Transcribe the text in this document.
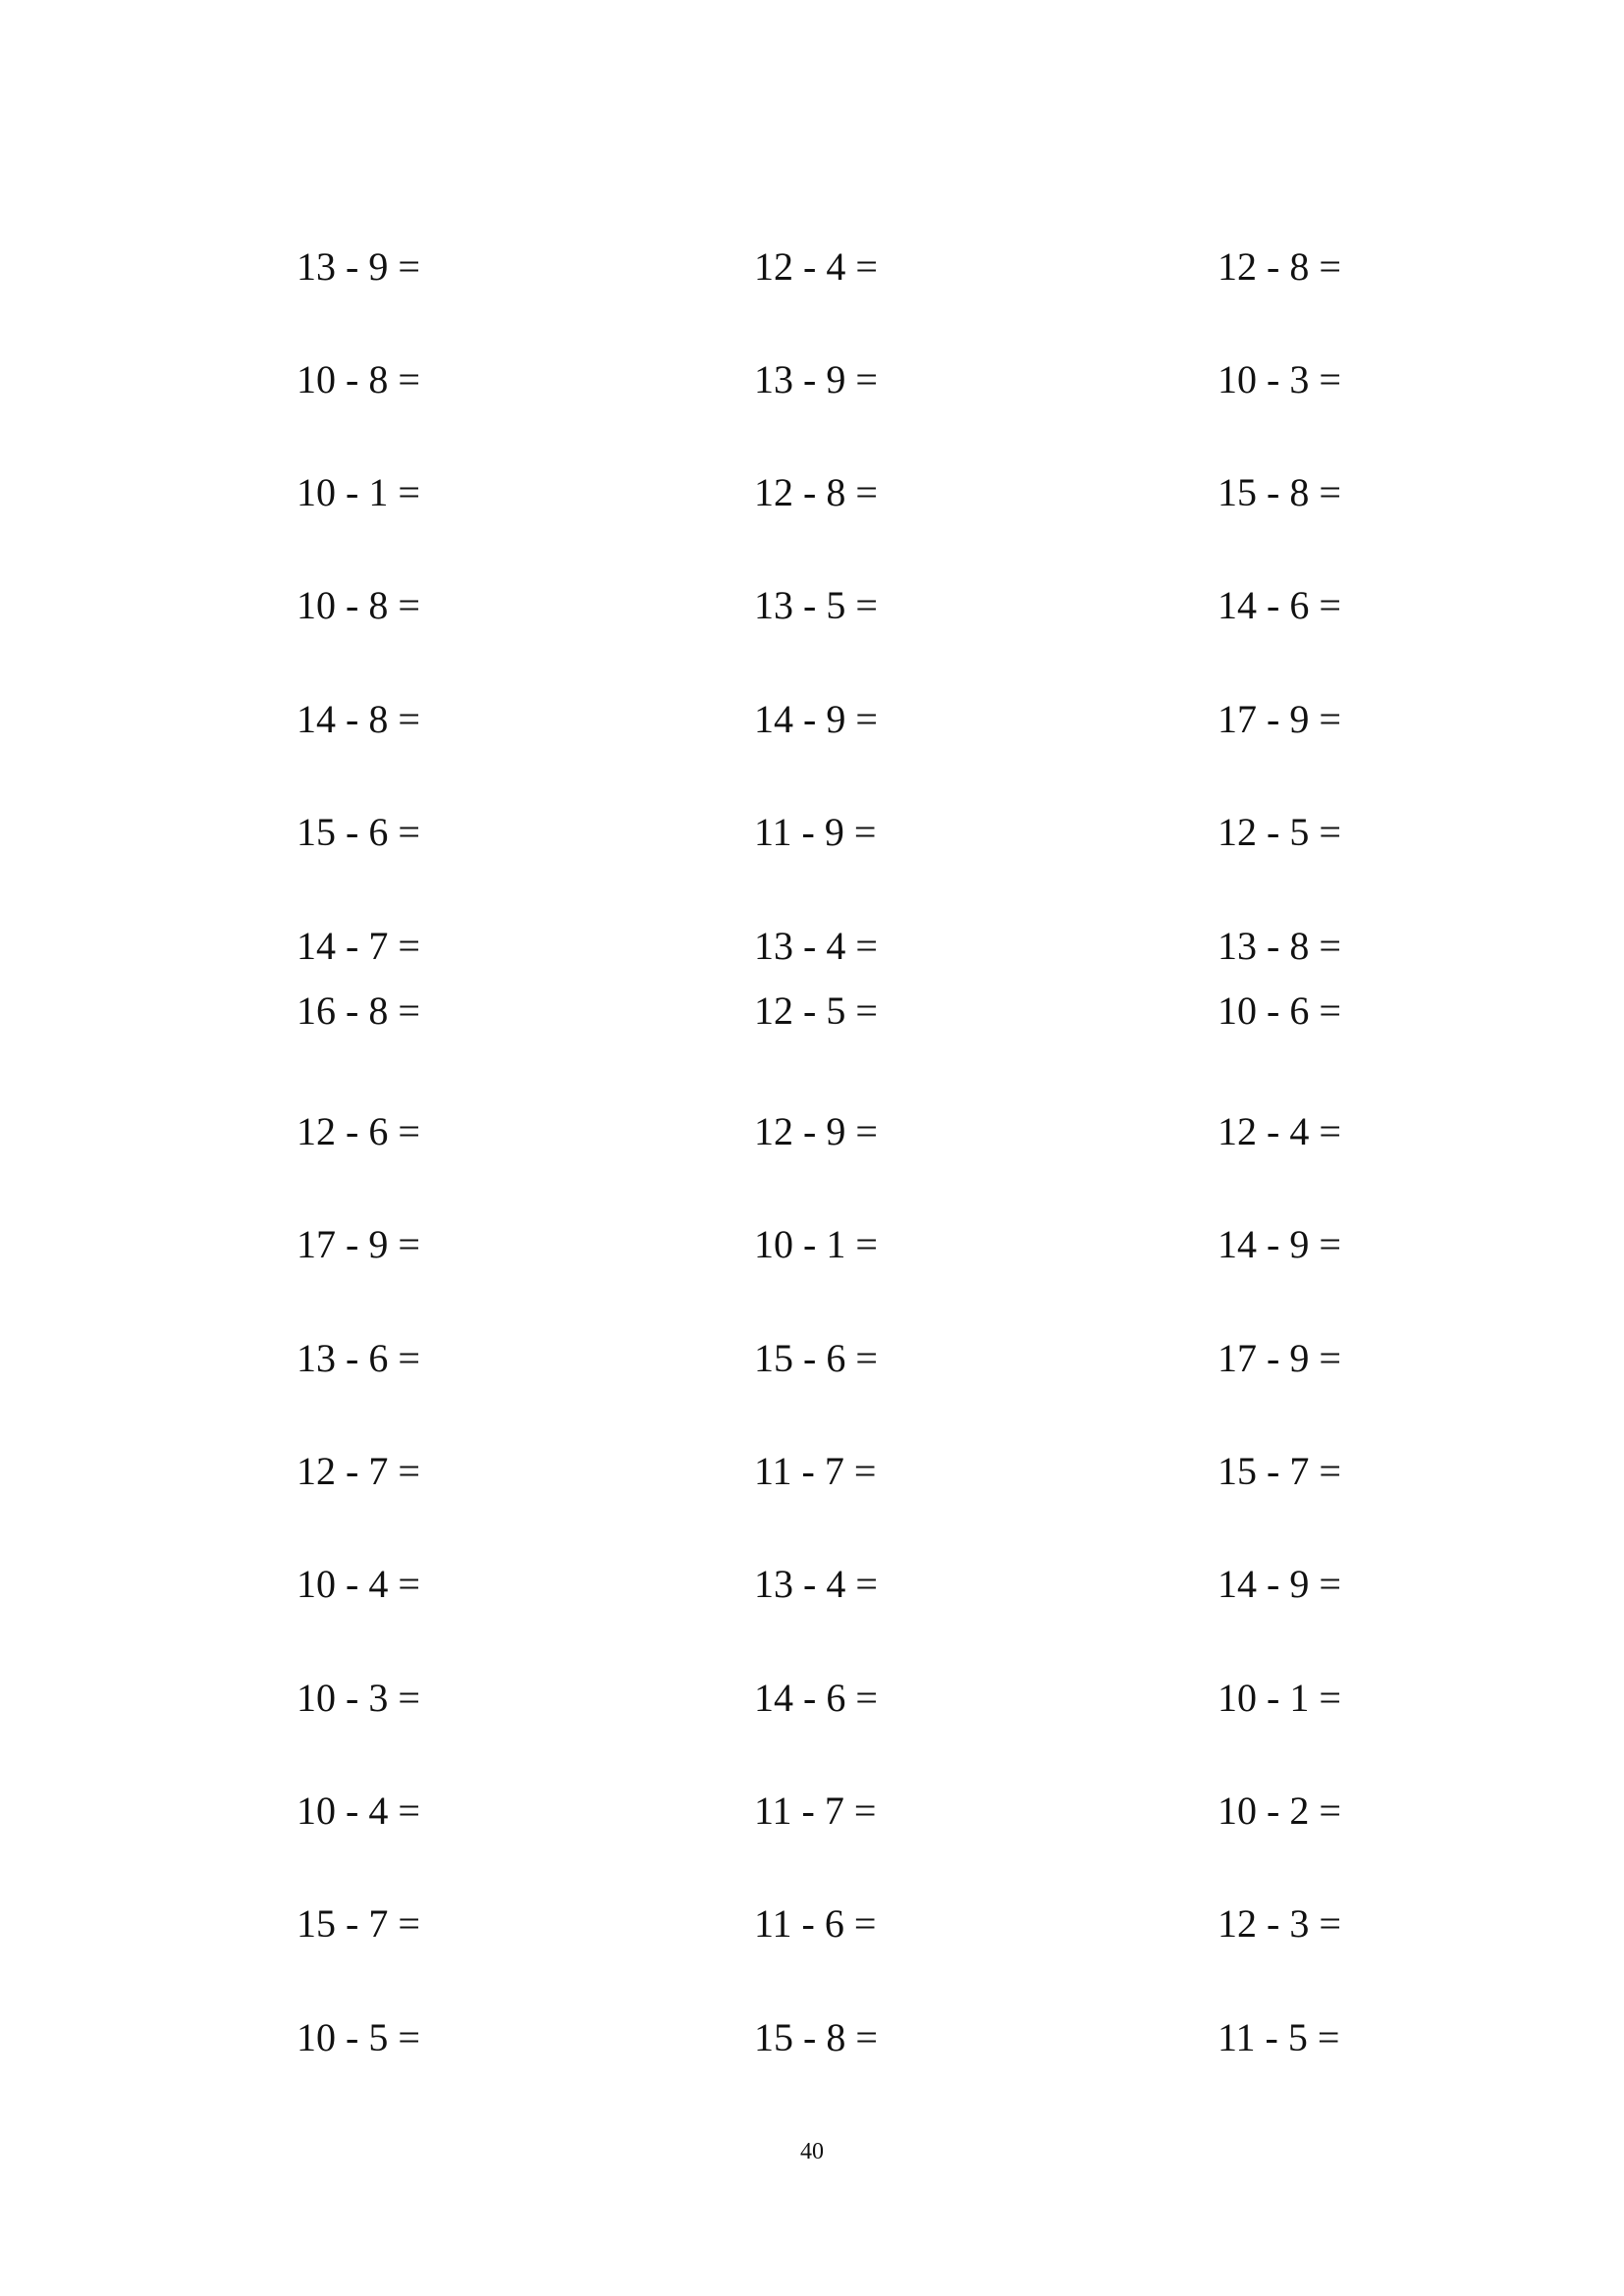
13 - 9 =	12 - 4 =	12 - 8 =
10 - 8 =	13 - 9 =	10 - 3 =
10 - 1 =	12 - 8 =	15 - 8 =
10 - 8 =	13 - 5 =	14 - 6 =
14 - 8 =	14 - 9 =	17 - 9 =
15 - 6 =	11 - 9 =	12 - 5 =
14 - 7 =	13 - 4 =	13 - 8 =
16 - 8 =	12 - 5 =	10 - 6 =
12 - 6 =	12 - 9 =	12 - 4 =
17 - 9 =	10 - 1 =	14 - 9 =
13 - 6 =	15 - 6 =	17 - 9 =
12 - 7 =	11 - 7 =	15 - 7 =
10 - 4 =	13 - 4 =	14 - 9 =
10 - 3 =	14 - 6 =	10 - 1 =
10 - 4 =	11 - 7 =	10 - 2 =
15 - 7 =	11 - 6 =	12 - 3 =
10 - 5 =	15 - 8 =	11 - 5 =
40
